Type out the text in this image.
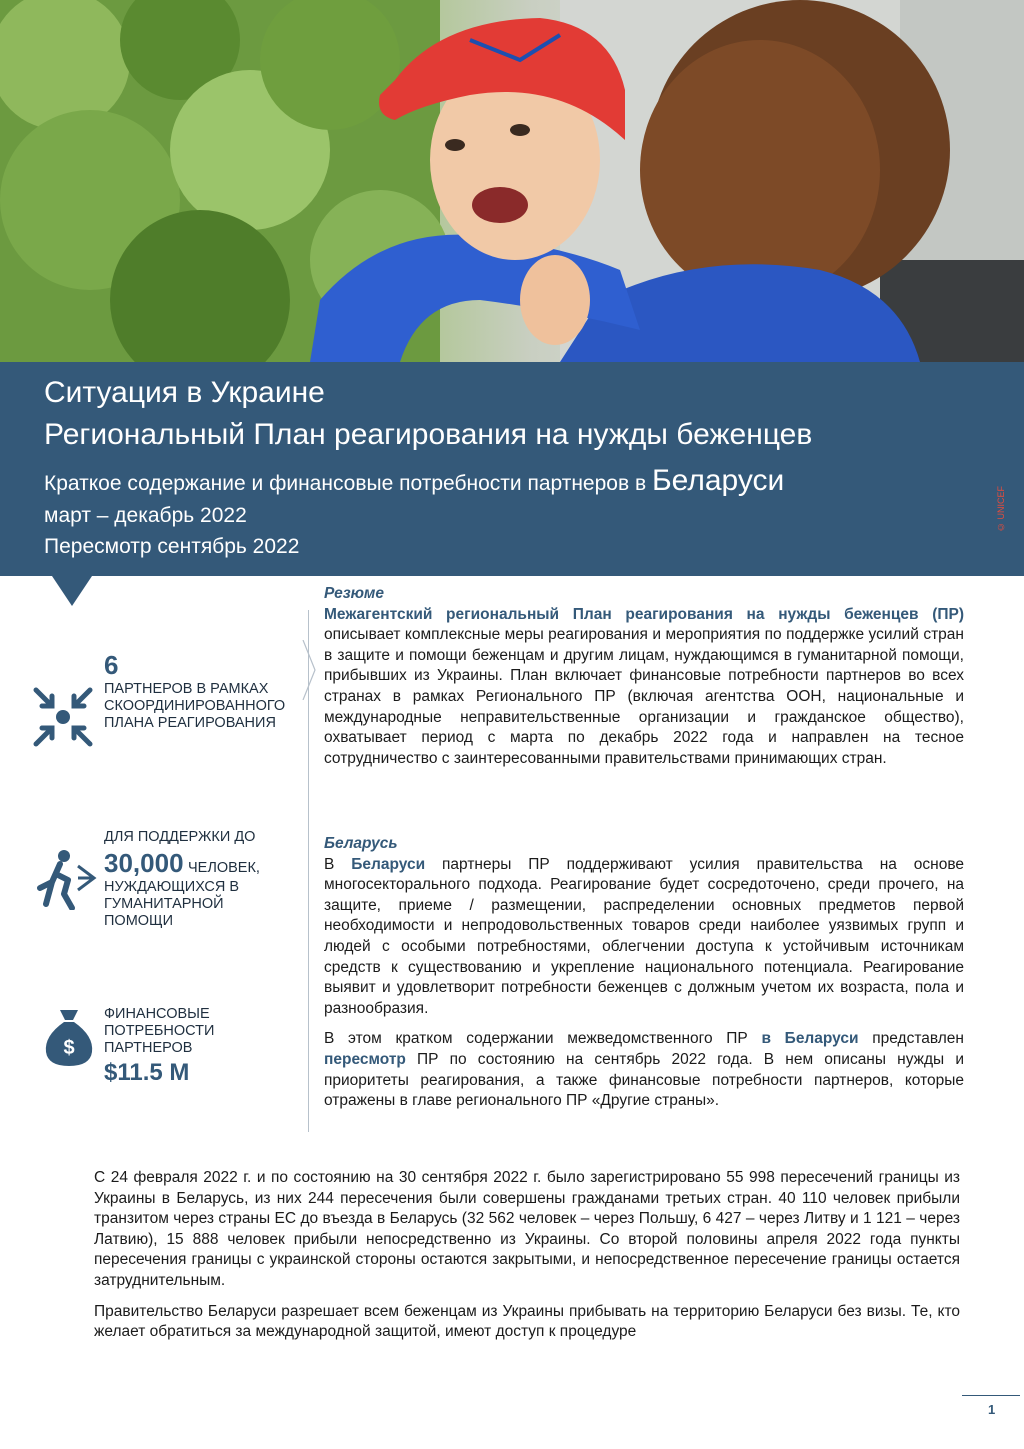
Ситуация в Украине
Региональный План реагирования на нужды беженцев
Краткое содержание и финансовые потребности партнеров в Беларуси
март – декабрь 2022
Пересмотр сентябрь 2022
© UNICEF
6
ПАРТНЕРОВ В РАМКАХ
СКООРДИНИРОВАННОГО
ПЛАНА РЕАГИРОВАНИЯ
ДЛЯ ПОДДЕРЖКИ ДО
30,000 ЧЕЛОВЕК,
НУЖДАЮЩИХСЯ В
ГУМАНИТАРНОЙ
ПОМОЩИ
$
ФИНАНСОВЫЕ
ПОТРЕБНОСТИ
ПАРТНЕРОВ
$11.5 M
Резюме

Межагентский региональный План реагирования на нужды беженцев (ПР) описывает комплексные меры реагирования и мероприятия по поддержке усилий стран в защите и помощи беженцам и другим лицам, нуждающимся в гуманитарной помощи, прибывших из Украины. План включает финансовые потребности партнеров во всех странах в рамках Регионального ПР (включая агентства ООН, национальные и международные неправительственные организации и гражданское общество), охватывает период с марта по декабрь 2022 года и направлен на тесное сотрудничество с заинтересованными правительствами принимающих стран.

Беларусь

В Беларуси партнеры ПР поддерживают усилия правительства на основе многосекторального подхода. Реагирование будет сосредоточено, среди прочего, на защите, приеме / размещении, распределении основных предметов первой необходимости и непродовольственных товаров среди наиболее уязвимых групп и людей с особыми потребностями, облегчении доступа к устойчивым источникам средств к существованию и укрепление национального потенциала. Реагирование выявит и удовлетворит потребности беженцев с должным учетом их возраста, пола и разнообразия.

В этом кратком содержании межведомственного ПР в Беларуси представлен пересмотр ПР по состоянию на сентябрь 2022 года. В нем описаны нужды и приоритеты реагирования, а также финансовые потребности партнеров, которые отражены в главе регионального ПР «Другие страны».

С 24 февраля 2022 г. и по состоянию на 30 сентября 2022 г. было зарегистрировано 55 998 пересечений границы из Украины в Беларусь, из них 244 пересечения были совершены гражданами третьих стран. 40 110 человек прибыли транзитом через страны ЕС до въезда в Беларусь (32 562 человек – через Польшу, 6 427 – через Литву и 1 121 – через Латвию), 15 888 человек прибыли непосредственно из Украины. Со второй половины апреля 2022 года пункты пересечения границы с украинской стороны остаются закрытыми, и непосредственное пересечение границы остается затруднительным.

Правительство Беларуси разрешает всем беженцам из Украины прибывать на территорию Беларуси без визы. Те, кто желает обратиться за международной защитой, имеют доступ к процедуре

1
